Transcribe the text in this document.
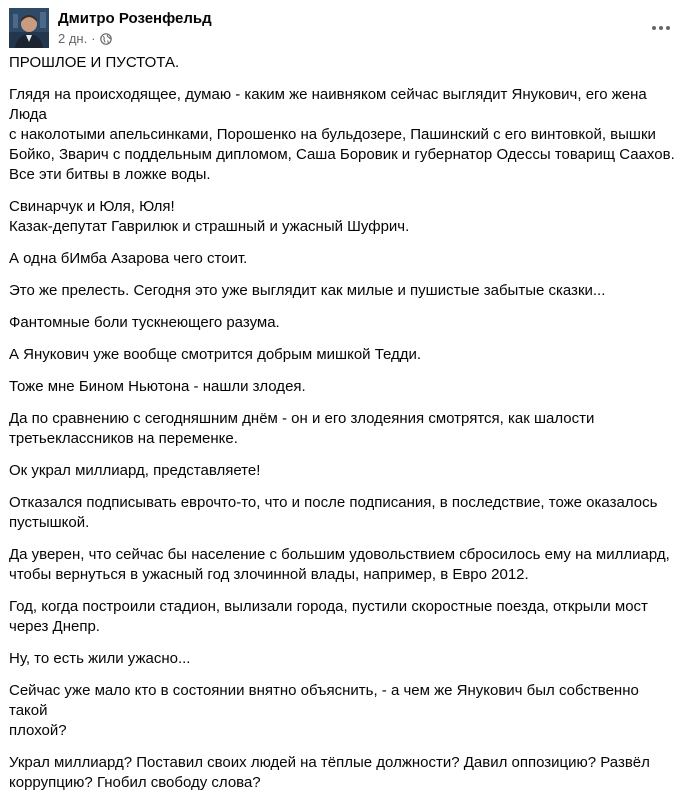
Дмитро Розенфельд
2 дн. ·

ПРОШЛОЕ И ПУСТОТА.

Глядя на происходящее, думаю - каким же наивняком сейчас выглядит Янукович, его жена Люда
с наколотыми апельсинками, Порошенко на бульдозере, Пашинский с его винтовкой, вышки
Бойко, Зварич с поддельным дипломом, Саша Боровик и губернатор Одессы товарищ Саахов.
Все эти битвы в ложке воды.

Свинарчук и Юля, Юля!
Казак-депутат Гаврилюк и страшный и ужасный Шуфрич.

А одна бИмба Азарова чего стоит.

Это же прелесть. Сегодня это уже выглядит как милые и пушистые забытые сказки...

Фантомные боли тускнеющего разума.

А Янукович уже вообще смотрится добрым мишкой Тедди.

Тоже мне Бином Ньютона - нашли злодея.

Да по сравнению с сегодняшним днём - он и его злодеяния смотрятся, как шалости
третьеклассников на переменке.

Ок украл миллиард, представляете!

Отказался подписывать еврочто-то, что и после подписания, в последствие, тоже оказалось
пустышкой.

Да уверен, что сейчас бы население с большим удовольствием сбросилось ему на миллиард,
чтобы вернуться в ужасный год злочинной влады, например, в Евро 2012.

Год, когда построили стадион, вылизали города, пустили скоростные поезда, открыли мост
через Днепр.

Ну, то есть жили ужасно...

Сейчас уже мало кто в состоянии внятно объяснить, - а чем же Янукович был собственно такой
плохой?

Украл миллиард? Поставил своих людей на тёплые должности? Давил оппозицию? Развёл
коррупцию? Гнобил свободу слова?
